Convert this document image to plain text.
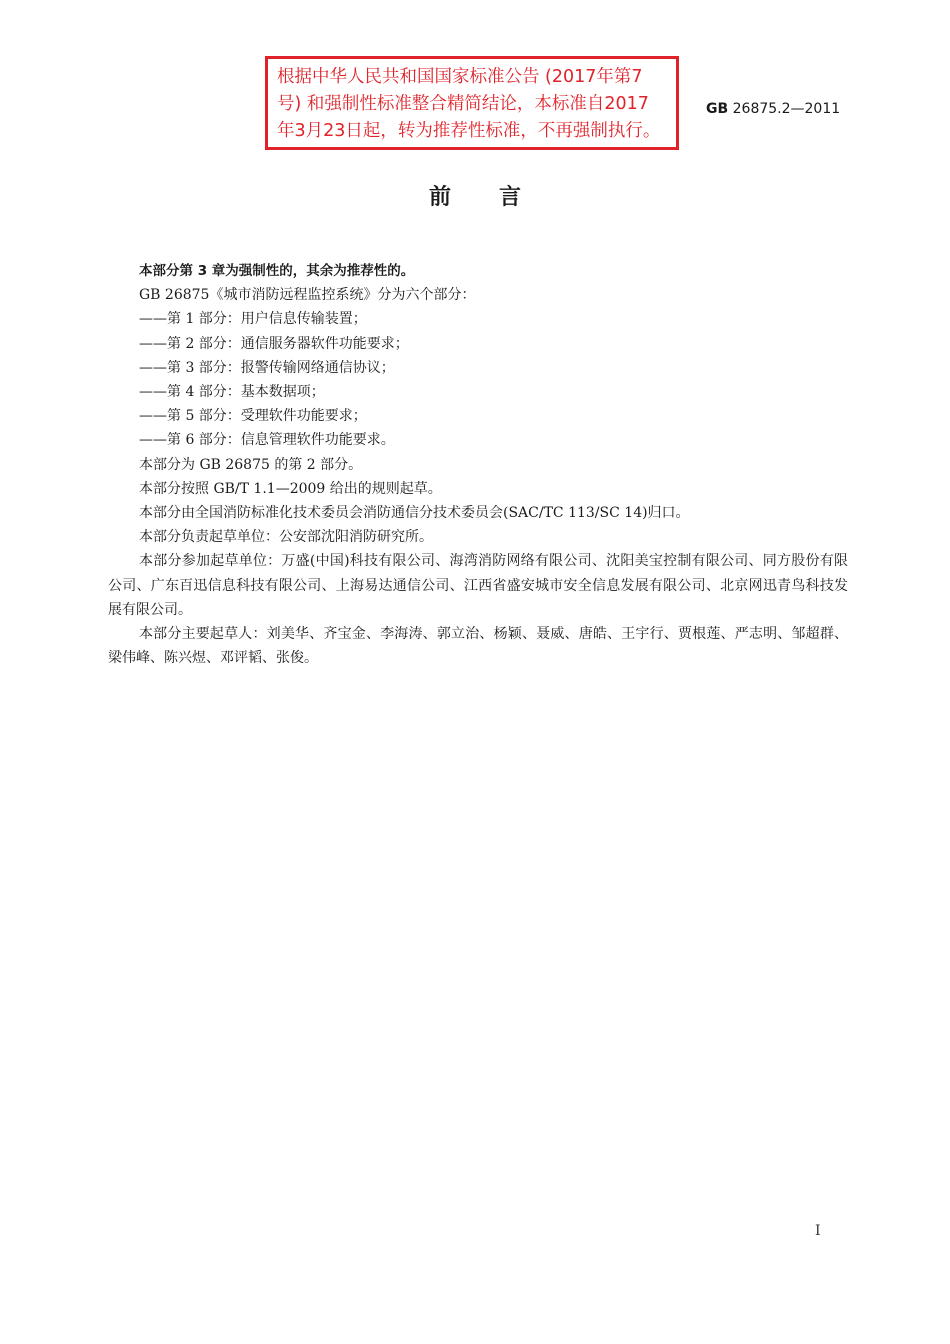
根据中华人民共和国国家标准公告 (2017年第7
号) 和强制性标准整合精简结论，本标准自2017
年3月23日起，转为推荐性标准，不再强制执行。
GB 26875.2—2011
前言

本部分第 3 章为强制性的，其余为推荐性的。

GB 26875《城市消防远程监控系统》分为六个部分：

——第 1 部分：用户信息传输装置；

——第 2 部分：通信服务器软件功能要求；

——第 3 部分：报警传输网络通信协议；

——第 4 部分：基本数据项；

——第 5 部分：受理软件功能要求；

——第 6 部分：信息管理软件功能要求。

本部分为 GB 26875 的第 2 部分。

本部分按照 GB/T 1.1—2009 给出的规则起草。

本部分由全国消防标准化技术委员会消防通信分技术委员会(SAC/TC 113/SC 14)归口。

本部分负责起草单位：公安部沈阳消防研究所。

本部分参加起草单位：万盛(中国)科技有限公司、海湾消防网络有限公司、沈阳美宝控制有限公司、同方股份有限公司、广东百迅信息科技有限公司、上海易达通信公司、江西省盛安城市安全信息发展有限公司、北京网迅青鸟科技发展有限公司。

本部分主要起草人：刘美华、齐宝金、李海涛、郭立治、杨颖、聂威、唐皓、王宇行、贾根莲、严志明、邹超群、梁伟峰、陈兴煜、邓评韬、张俊。

I
